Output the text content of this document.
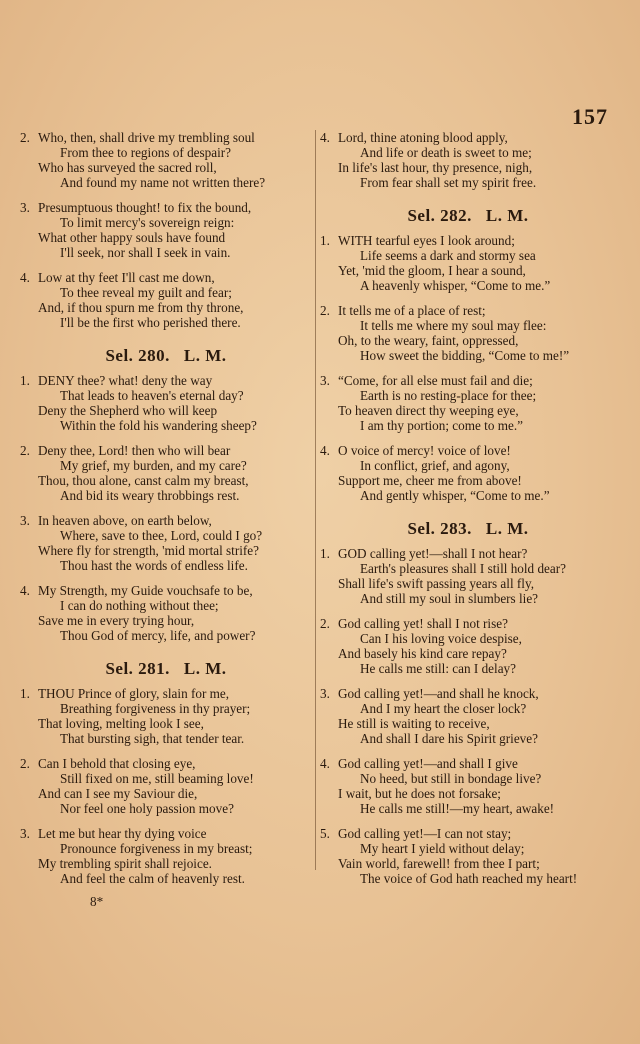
157
2. Who, then, shall drive my trembling soul
From thee to regions of despair?
Who has surveyed the sacred roll,
And found my name not written there?
3. Presumptuous thought! to fix the bound,
To limit mercy's sovereign reign:
What other happy souls have found
I'll seek, nor shall I seek in vain.
4. Low at thy feet I'll cast me down,
To thee reveal my guilt and fear;
And, if thou spurn me from thy throne,
I'll be the first who perished there.
Sel. 280. L. M.
1. DENY thee? what! deny the way
That leads to heaven's eternal day?
Deny the Shepherd who will keep
Within the fold his wandering sheep?
2. Deny thee, Lord! then who will bear
My grief, my burden, and my care?
Thou, thou alone, canst calm my breast,
And bid its weary throbbings rest.
3. In heaven above, on earth below,
Where, save to thee, Lord, could I go?
Where fly for strength, 'mid mortal strife?
Thou hast the words of endless life.
4. My Strength, my Guide vouchsafe to be,
I can do nothing without thee;
Save me in every trying hour,
Thou God of mercy, life, and power?
Sel. 281. L. M.
1. THOU Prince of glory, slain for me,
Breathing forgiveness in thy prayer;
That loving, melting look I see,
That bursting sigh, that tender tear.
2. Can I behold that closing eye,
Still fixed on me, still beaming love!
And can I see my Saviour die,
Nor feel one holy passion move?
3. Let me but hear thy dying voice
Pronounce forgiveness in my breast;
My trembling spirit shall rejoice.
And feel the calm of heavenly rest.
8*
4. Lord, thine atoning blood apply,
And life or death is sweet to me;
In life's last hour, thy presence, nigh,
From fear shall set my spirit free.
Sel. 282. L. M.
1. WITH tearful eyes I look around;
Life seems a dark and stormy sea
Yet, 'mid the gloom, I hear a sound,
A heavenly whisper, “Come to me.”
2. It tells me of a place of rest;
It tells me where my soul may flee:
Oh, to the weary, faint, oppressed,
How sweet the bidding, “Come to me!”
3. “Come, for all else must fail and die;
Earth is no resting-place for thee;
To heaven direct thy weeping eye,
I am thy portion; come to me.”
4. O voice of mercy! voice of love!
In conflict, grief, and agony,
Support me, cheer me from above!
And gently whisper, “Come to me.”
Sel. 283. L. M.
1. GOD calling yet!—shall I not hear?
Earth's pleasures shall I still hold dear?
Shall life's swift passing years all fly,
And still my soul in slumbers lie?
2. God calling yet! shall I not rise?
Can I his loving voice despise,
And basely his kind care repay?
He calls me still: can I delay?
3. God calling yet!—and shall he knock,
And I my heart the closer lock?
He still is waiting to receive,
And shall I dare his Spirit grieve?
4. God calling yet!—and shall I give
No heed, but still in bondage live?
I wait, but he does not forsake;
He calls me still!—my heart, awake!
5. God calling yet!—I can not stay;
My heart I yield without delay;
Vain world, farewell! from thee I part;
The voice of God hath reached my heart!
